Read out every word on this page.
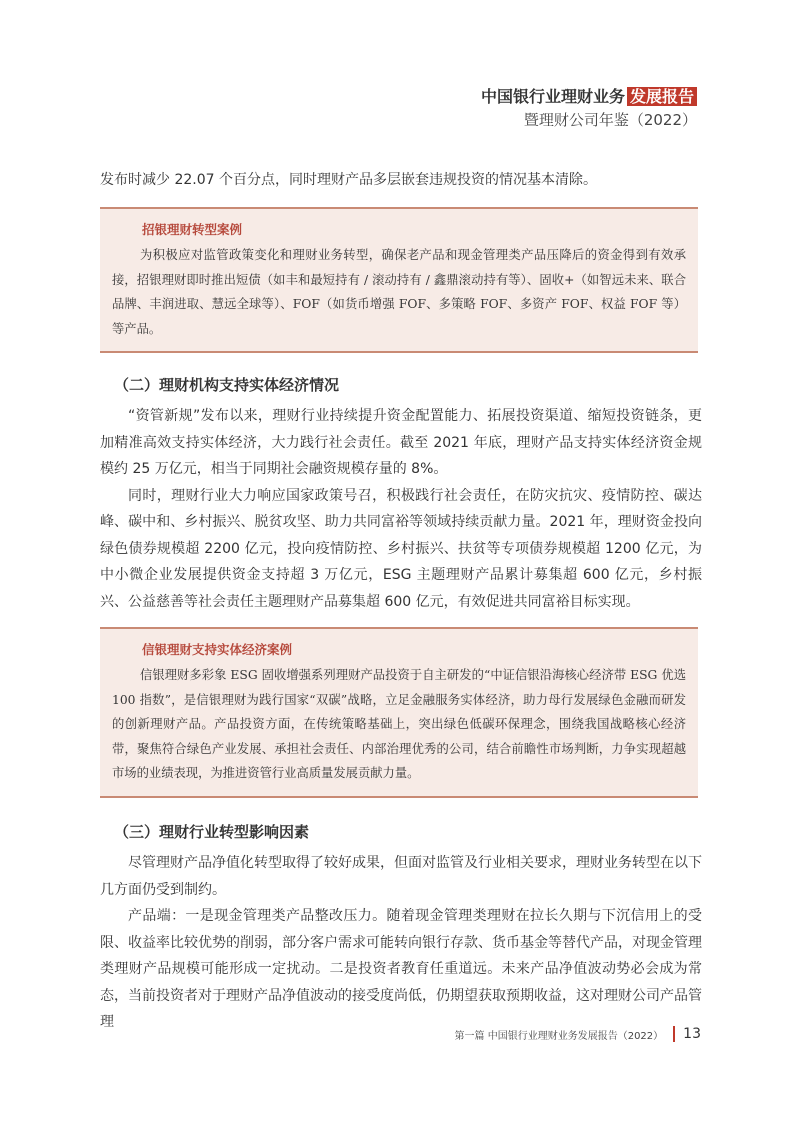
中国银行业理财业务 发展报告
暨理财公司年鉴（2022）

发布时减少 22.07 个百分点，同时理财产品多层嵌套违规投资的情况基本清除。

招银理财转型案例

为积极应对监管政策变化和理财业务转型，确保老产品和现金管理类产品压降后的资金得到有效承接，招银理财即时推出短债（如丰和最短持有 / 滚动持有 / 鑫鼎滚动持有等）、固收+（如智远未来、联合品牌、丰润进取、慧远全球等）、FOF（如货币增强 FOF、多策略 FOF、多资产 FOF、权益 FOF 等）等产品。

（二）理财机构支持实体经济情况

“资管新规”发布以来，理财行业持续提升资金配置能力、拓展投资渠道、缩短投资链条，更加精准高效支持实体经济，大力践行社会责任。截至 2021 年底，理财产品支持实体经济资金规模约 25 万亿元，相当于同期社会融资规模存量的 8%。

同时，理财行业大力响应国家政策号召，积极践行社会责任，在防灾抗灾、疫情防控、碳达峰、碳中和、乡村振兴、脱贫攻坚、助力共同富裕等领域持续贡献力量。2021 年，理财资金投向绿色债券规模超 2200 亿元，投向疫情防控、乡村振兴、扶贫等专项债券规模超 1200 亿元，为中小微企业发展提供资金支持超 3 万亿元，ESG 主题理财产品累计募集超 600 亿元，乡村振兴、公益慈善等社会责任主题理财产品募集超 600 亿元，有效促进共同富裕目标实现。

信银理财支持实体经济案例

信银理财多彩象 ESG 固收增强系列理财产品投资于自主研发的“中证信银沿海核心经济带 ESG 优选 100 指数”，是信银理财为践行国家“双碳”战略，立足金融服务实体经济，助力母行发展绿色金融而研发的创新理财产品。产品投资方面，在传统策略基础上，突出绿色低碳环保理念，围绕我国战略核心经济带，聚焦符合绿色产业发展、承担社会责任、内部治理优秀的公司，结合前瞻性市场判断，力争实现超越市场的业绩表现，为推进资管行业高质量发展贡献力量。

（三）理财行业转型影响因素

尽管理财产品净值化转型取得了较好成果，但面对监管及行业相关要求，理财业务转型在以下几方面仍受到制约。

产品端：一是现金管理类产品整改压力。随着现金管理类理财在拉长久期与下沉信用上的受限、收益率比较优势的削弱，部分客户需求可能转向银行存款、货币基金等替代产品，对现金管理类理财产品规模可能形成一定扰动。二是投资者教育任重道远。未来产品净值波动势必会成为常态，当前投资者对于理财产品净值波动的接受度尚低，仍期望获取预期收益，这对理财公司产品管理

第一篇 中国银行业理财业务发展报告（2022） 13
